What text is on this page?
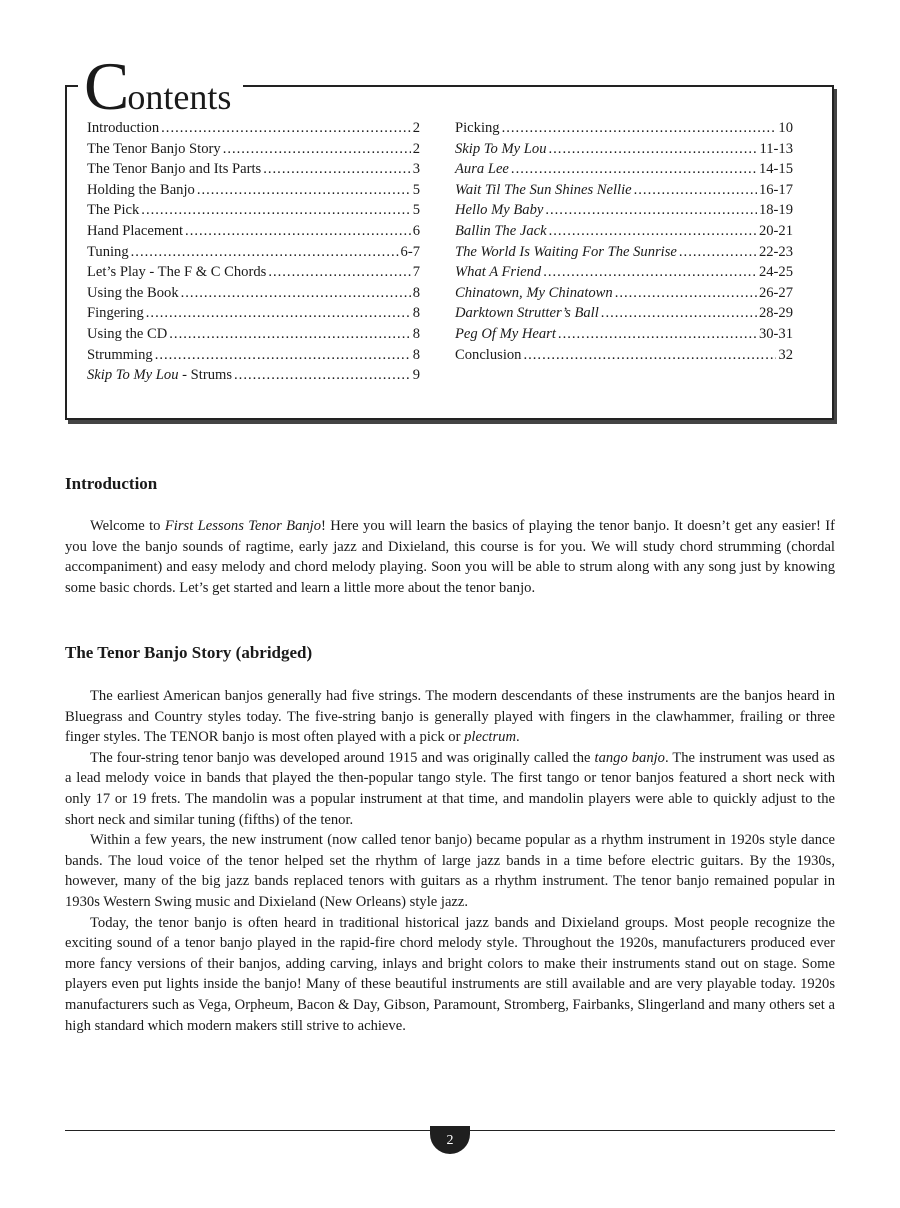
Contents
Introduction .....	2
The Tenor Banjo Story .....	2
The Tenor Banjo and Its Parts .....	3
Holding the Banjo .....	5
The Pick .....	5
Hand Placement .....	6
Tuning .....	6-7
Let’s Play - The F & C Chords .....	7
Using the Book .....	8
Fingering .....	8
Using the CD .....	8
Strumming .....	8
Skip To My Lou - Strums .....	9
Picking .....	10
Skip To My Lou .....	11-13
Aura Lee .....	14-15
Wait Til The Sun Shines Nellie .....	16-17
Hello My Baby .....	18-19
Ballin The Jack .....	20-21
The World Is Waiting For The Sunrise .....	22-23
What A Friend .....	24-25
Chinatown, My Chinatown .....	26-27
Darktown Strutter’s Ball .....	28-29
Peg Of My Heart .....	30-31
Conclusion .....	32
Introduction

Welcome to First Lessons Tenor Banjo! Here you will learn the basics of playing the tenor banjo. It doesn’t get any easier! If you love the banjo sounds of ragtime, early jazz and Dixieland, this course is for you. We will study chord strumming (chordal accompaniment) and easy melody and chord melody playing. Soon you will be able to strum along with any song just by knowing some basic chords. Let’s get started and learn a little more about the tenor banjo.

The Tenor Banjo Story (abridged)

The earliest American banjos generally had five strings. The modern descendants of these instruments are the banjos heard in Bluegrass and Country styles today. The five-string banjo is generally played with fingers in the clawhammer, frailing or three finger styles. The TENOR banjo is most often played with a pick or plectrum.

The four-string tenor banjo was developed around 1915 and was originally called the tango banjo. The instrument was used as a lead melody voice in bands that played the then-popular tango style. The first tango or tenor banjos featured a short neck with only 17 or 19 frets. The mandolin was a popular instrument at that time, and mandolin players were able to quickly adjust to the short neck and similar tuning (fifths) of the tenor.

Within a few years, the new instrument (now called tenor banjo) became popular as a rhythm instrument in 1920s style dance bands. The loud voice of the tenor helped set the rhythm of large jazz bands in a time before electric guitars. By the 1930s, however, many of the big jazz bands replaced tenors with guitars as a rhythm instrument. The tenor banjo remained popular in 1930s Western Swing music and Dixieland (New Orleans) style jazz.

Today, the tenor banjo is often heard in traditional historical jazz bands and Dixieland groups. Most people recognize the exciting sound of a tenor banjo played in the rapid-fire chord melody style. Throughout the 1920s, manufacturers produced ever more fancy versions of their banjos, adding carving, inlays and bright colors to make their instruments stand out on stage. Some players even put lights inside the banjo! Many of these beautiful instruments are still available and are very playable today. 1920s manufacturers such as Vega, Orpheum, Bacon & Day, Gibson, Paramount, Stromberg, Fairbanks, Slingerland and many others set a high standard which modern makers still strive to achieve.

2
